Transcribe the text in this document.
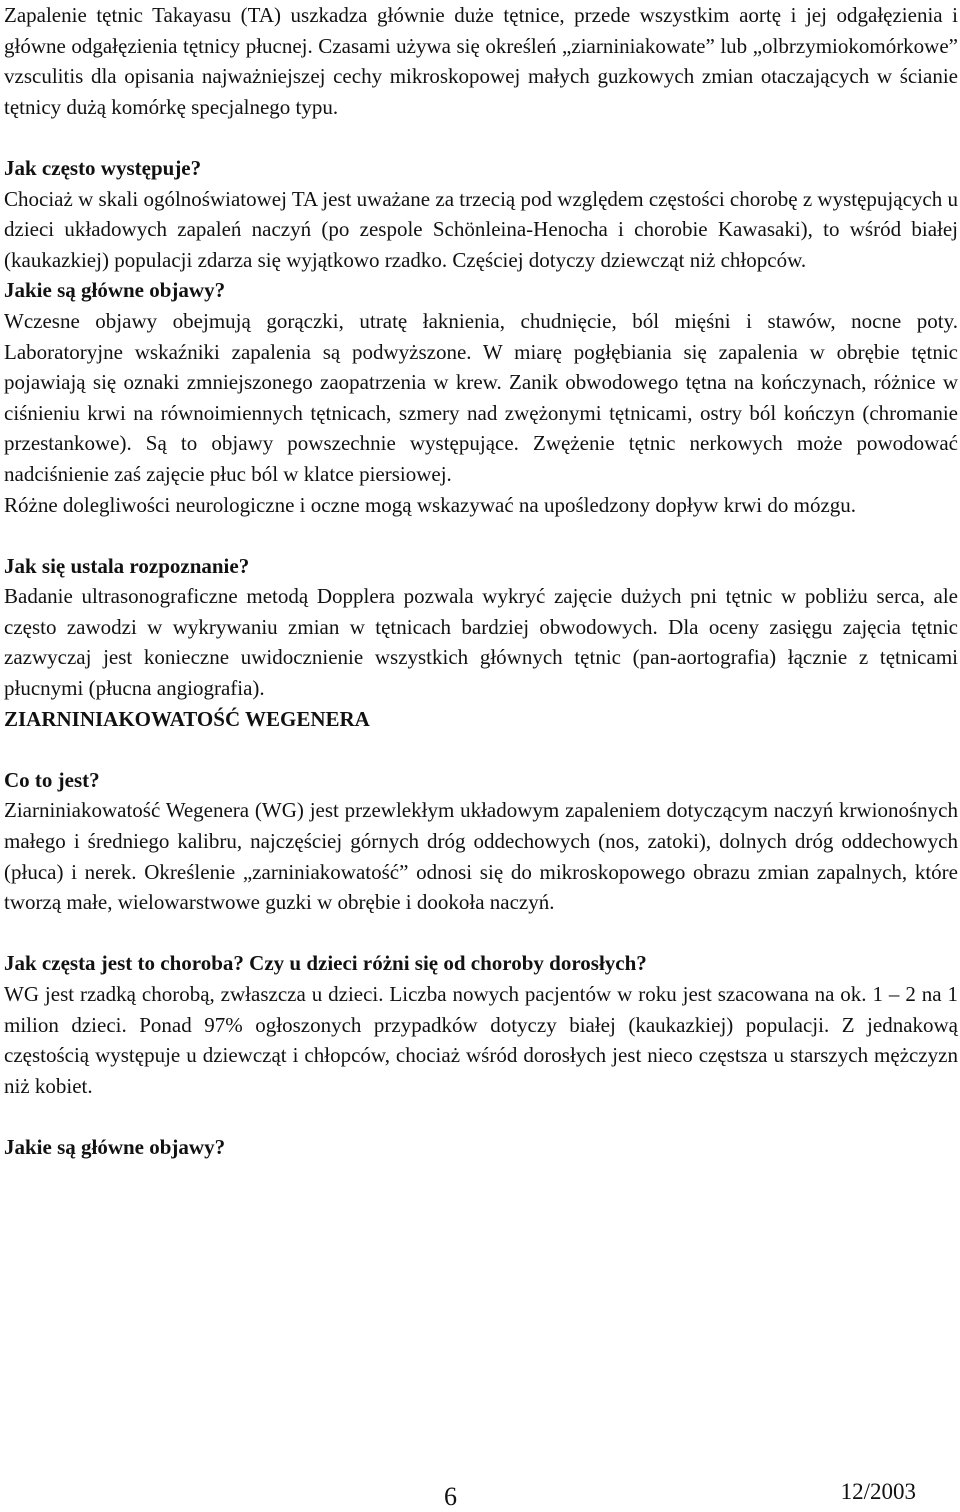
Zapalenie tętnic Takayasu (TA) uszkadza głównie duże tętnice, przede wszystkim aortę i jej odgałęzienia i główne odgałęzienia tętnicy płucnej. Czasami używa się określeń „ziarniniakowate” lub „olbrzymiokomórkowe” vzsculitis dla opisania najważniejszej cechy mikroskopowej małych guzkowych zmian otaczających w ścianie tętnicy dużą komórkę specjalnego typu.

Jak często występuje?

Chociaż w skali ogólnoświatowej TA jest uważane za trzecią pod względem częstości chorobę z występujących u dzieci układowych zapaleń naczyń (po zespole Schönleina-Henocha i chorobie Kawasaki), to wśród białej (kaukazkiej) populacji zdarza się wyjątkowo rzadko. Częściej dotyczy dziewcząt niż chłopców.

Jakie są główne objawy?

Wczesne objawy obejmują gorączki, utratę łaknienia, chudnięcie, ból mięśni i stawów, nocne poty. Laboratoryjne wskaźniki zapalenia są podwyższone. W miarę pogłębiania się zapalenia w obrębie tętnic pojawiają się oznaki zmniejszonego zaopatrzenia w krew. Zanik obwodowego tętna na kończynach, różnice w ciśnieniu krwi na równoimiennych tętnicach, szmery nad zwężonymi tętnicami, ostry ból kończyn (chromanie przestankowe). Są to objawy powszechnie występujące. Zwężenie tętnic nerkowych może powodować nadciśnienie zaś zajęcie płuc ból w klatce piersiowej.

Różne dolegliwości neurologiczne i oczne mogą wskazywać na upośledzony dopływ krwi do mózgu.

Jak się ustala rozpoznanie?

Badanie ultrasonograficzne metodą Dopplera pozwala wykryć zajęcie dużych pni tętnic w pobliżu serca, ale często zawodzi w wykrywaniu zmian w tętnicach bardziej obwodowych. Dla oceny zasięgu zajęcia tętnic zazwyczaj jest konieczne uwidocznienie wszystkich głównych tętnic (pan-aortografia) łącznie z tętnicami płucnymi (płucna angiografia).

ZIARNINIAKOWATOŚĆ WEGENERA
Co to jest?

Ziarniniakowatość Wegenera (WG) jest przewlekłym układowym zapaleniem dotyczącym naczyń krwionośnych małego i średniego kalibru, najczęściej górnych dróg oddechowych (nos, zatoki), dolnych dróg oddechowych (płuca) i nerek. Określenie „zarniniakowatość” odnosi się do mikroskopowego obrazu zmian zapalnych, które tworzą małe, wielowarstwowe guzki w obrębie i dookoła naczyń.

Jak częsta jest to choroba? Czy u dzieci różni się od choroby dorosłych?

WG jest rzadką chorobą, zwłaszcza u dzieci. Liczba nowych pacjentów w roku jest szacowana na ok. 1 – 2 na 1 milion dzieci. Ponad 97% ogłoszonych przypadków dotyczy białej (kaukazkiej) populacji. Z jednakową częstością występuje u dziewcząt i chłopców, chociaż wśród dorosłych jest nieco częstsza u starszych mężczyzn niż kobiet.

Jakie są główne objawy?
6	12/2003
